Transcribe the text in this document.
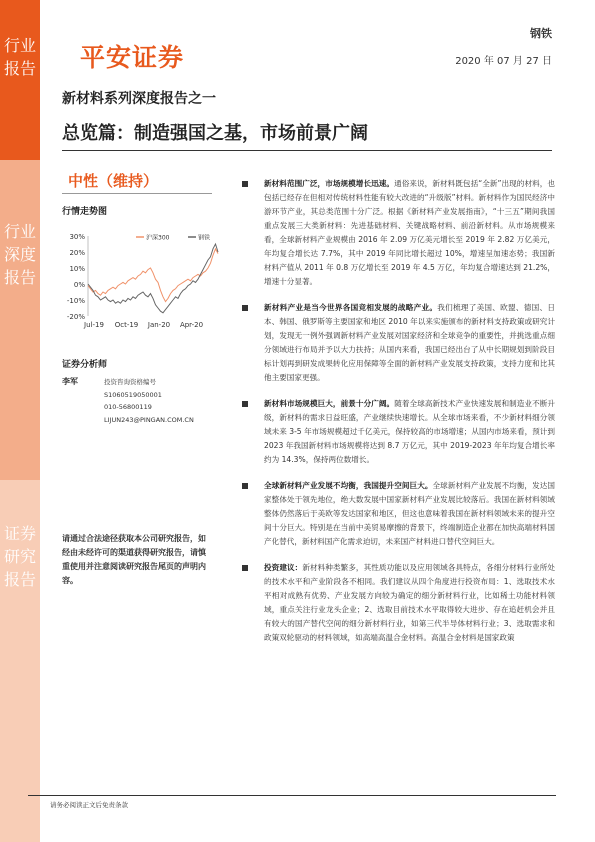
行业报告
行业深度报告
证券研究报告
平安证券
钢铁
2020 年 07 月 27 日
新材料系列深度报告之一
总览篇：制造强国之基，市场前景广阔
中性（维持）
行情走势图
30%
20%
10%
0%
-10%
-20%
Jul-19 Oct-19 Jan-20 Apr-20
沪深300	钢铁
证券分析师
李军	投资咨询资格编号
S1060519050001
010-56800119
LIJUN243@PINGAN.COM.CN
请通过合法途径获取本公司研究报告，如经由未经许可的渠道获得研究报告，请慎重使用并注意阅读研究报告尾页的声明内容。
新材料范围广泛，市场规模增长迅速。通俗来说，新材料既包括“全新”出现的材料，也包括已经存在但相对传统材料性能有较大改进的“升级版”材料。新材料作为国民经济中游环节产业，其总类范围十分广泛。根据《新材料产业发展指南》，“十三五”期间我国重点发展三大类新材料：先进基础材料、关键战略材料、前沿新材料。从市场规模来看，全球新材料产业规模由 2016 年 2.09 万亿美元增长至 2019 年 2.82 万亿美元，年均复合增长达 7.7%，其中 2019 年同比增长超过 10%，增速呈加速态势；我国新材料产值从 2011 年 0.8 万亿增长至 2019 年 4.5 万亿，年均复合增速达到 21.2%，增速十分显著。
新材料产业是当今世界各国竞相发展的战略产业。我们梳理了美国、欧盟、德国、日本、韩国、俄罗斯等主要国家和地区 2010 年以来实施颁布的新材料支持政策或研究计划，发现无一例外强调新材料产业发展对国家经济和全球竞争的重要性，并挑选重点细分领域进行布局并予以大力扶持；从国内来看，我国已经出台了从中长期规划到阶段目标计划再到研发成果转化应用保障等全面的新材料产业发展支持政策，支持力度和比其他主要国家更强。
新材料市场规模巨大，前景十分广阔。随着全球高新技术产业快速发展和制造业不断升级，新材料的需求日益旺盛，产业继续快速增长。从全球市场来看，不少新材料细分领域未来 3-5 年市场规模超过千亿美元，保持较高的市场增速；从国内市场来看，预计到 2023 年我国新材料市场规模将达到 8.7 万亿元，其中 2019-2023 年年均复合增长率约为 14.3%，保持两位数增长。
全球新材料产业发展不均衡，我国提升空间巨大。全球新材料产业发展不均衡，发达国家整体处于领先地位，绝大数发展中国家新材料产业发展比较落后。我国在新材料领域整体仍然落后于美欧等发达国家和地区，但这也意味着我国在新材料领域未来的提升空间十分巨大。特别是在当前中美贸易摩擦的背景下，终端制造企业都在加快高端材料国产化替代，新材料国产化需求迫切，未来国产材料进口替代空间巨大。
投资建议：新材料种类繁多，其性质功能以及应用领域各具特点，各细分材料行业所处的技术水平和产业阶段各不相同。我们建议从四个角度进行投资布局：1、选取技术水平相对成熟有优势、产业发展方向较为确定的细分新材料行业，比如稀土功能材料领域，重点关注行业龙头企业；2、选取目前技术水平取得较大进步、存在追赶机会并且有较大的国产替代空间的细分新材料行业，如第三代半导体材料行业；3、选取需求和政策双轮驱动的材料领域，如高端高温合金材料。高温合金材料是国家政策
请务必阅读正文后免责条款
